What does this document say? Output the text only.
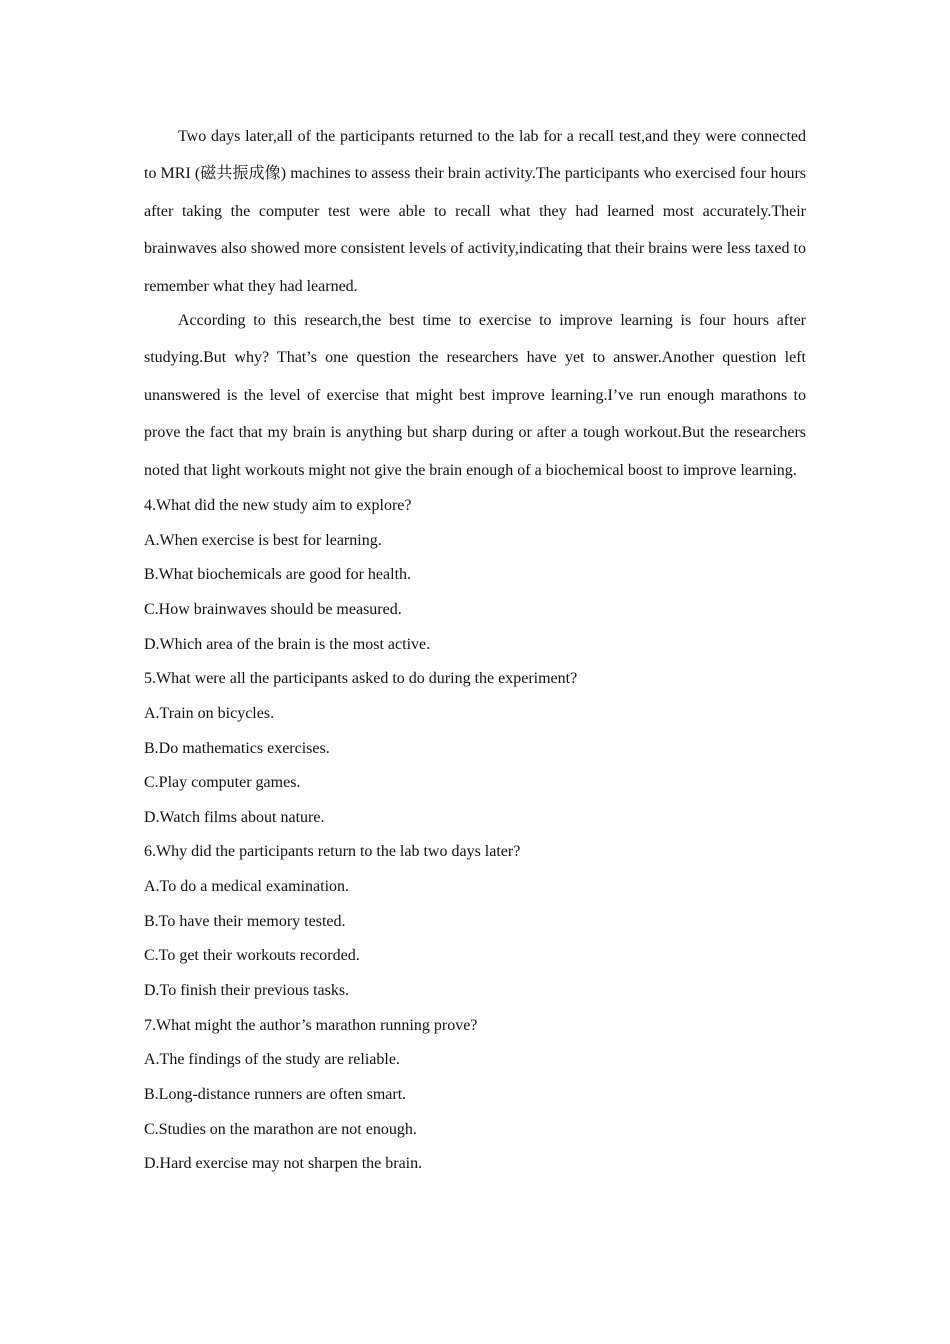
Two days later,all of the participants returned to the lab for a recall test,and they were connected to MRI (磁共振成像) machines to assess their brain activity.The participants who exercised four hours after taking the computer test were able to recall what they had learned most accurately.Their brainwaves also showed more consistent levels of activity,indicating that their brains were less taxed to remember what they had learned.

According to this research,the best time to exercise to improve learning is four hours after studying.But why? That’s one question the researchers have yet to answer.Another question left unanswered is the level of exercise that might best improve learning.I’ve run enough marathons to prove the fact that my brain is anything but sharp during or after a tough workout.But the researchers noted that light workouts might not give the brain enough of a biochemical boost to improve learning.

4.What did the new study aim to explore?

A.When exercise is best for learning.

B.What biochemicals are good for health.

C.How brainwaves should be measured.

D.Which area of the brain is the most active.

5.What were all the participants asked to do during the experiment?

A.Train on bicycles.

B.Do mathematics exercises.

C.Play computer games.

D.Watch films about nature.

6.Why did the participants return to the lab two days later?

A.To do a medical examination.

B.To have their memory tested.

C.To get their workouts recorded.

D.To finish their previous tasks.

7.What might the author’s marathon running prove?

A.The findings of the study are reliable.

B.Long-distance runners are often smart.

C.Studies on the marathon are not enough.

D.Hard exercise may not sharpen the brain.
